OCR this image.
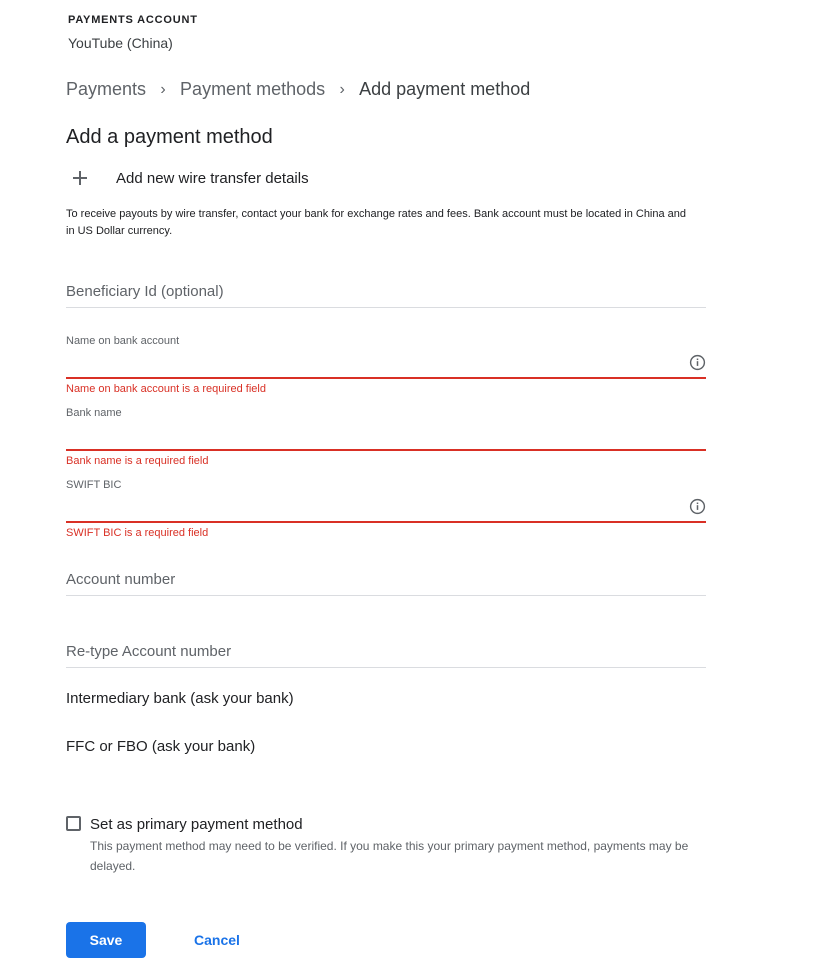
PAYMENTS ACCOUNT
YouTube (China)
Payments › Payment methods › Add payment method
Add a payment method
Add new wire transfer details
To receive payouts by wire transfer, contact your bank for exchange rates and fees. Bank account must be located in China and in US Dollar currency.
Beneficiary Id (optional)
Name on bank account
Name on bank account is a required field
Bank name
Bank name is a required field
SWIFT BIC
SWIFT BIC is a required field
Account number
Re-type Account number
Intermediary bank (ask your bank)
FFC or FBO (ask your bank)
Set as primary payment method
This payment method may need to be verified. If you make this your primary payment method, payments may be delayed.
Save	Cancel
